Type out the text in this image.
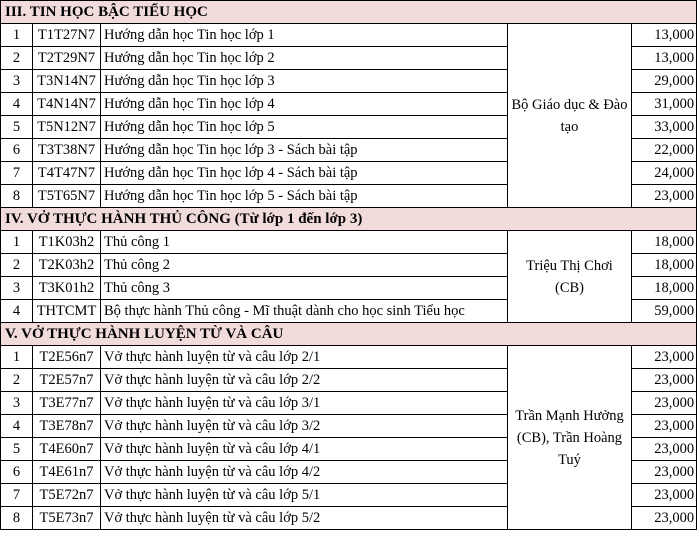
III. TIN HỌC BẬC TIỂU HỌC				
1	T1T27N7	Hướng dẫn học Tin học lớp 1	Bộ Giáo dục & Đào tạo	13,000
2	T2T29N7	Hướng dẫn học Tin học lớp 2		13,000
3	T3N14N7	Hướng dẫn học Tin học lớp 3		29,000
4	T4N14N7	Hướng dẫn học Tin học lớp 4		31,000
5	T5N12N7	Hướng dẫn học Tin học lớp 5		33,000
6	T3T38N7	Hướng dẫn học Tin học lớp 3 - Sách bài tập		22,000
7	T4T47N7	Hướng dẫn học Tin học lớp 4 - Sách bài tập		24,000
8	T5T65N7	Hướng dẫn học Tin học lớp 5 - Sách bài tập		23,000
IV. VỞ THỰC HÀNH THỦ CÔNG (Từ lớp 1 đến lớp 3)				
1	T1K03h2	Thủ công 1	Triệu Thị Chơi (CB)	18,000
2	T2K03h2	Thủ công 2		18,000
3	T3K01h2	Thủ công 3		18,000
4	THTCMT	Bộ thực hành Thủ công - Mĩ thuật dành cho học sinh Tiểu học		59,000
V. VỞ THỰC HÀNH LUYỆN TỪ VÀ CÂU				
1	T2E56n7	Vở thực hành luyện từ và câu lớp 2/1	Trần Mạnh Hưởng (CB), Trần Hoàng Tuý	23,000
2	T2E57n7	Vở thực hành luyện từ và câu lớp 2/2		23,000
3	T3E77n7	Vở thực hành luyện từ và câu lớp 3/1		23,000
4	T3E78n7	Vở thực hành luyện từ và câu lớp 3/2		23,000
5	T4E60n7	Vở thực hành luyện từ và câu lớp 4/1		23,000
6	T4E61n7	Vở thực hành luyện từ và câu lớp 4/2		23,000
7	T5E72n7	Vở thực hành luyện từ và câu lớp 5/1		23,000
8	T5E73n7	Vở thực hành luyện từ và câu lớp 5/2		23,000
